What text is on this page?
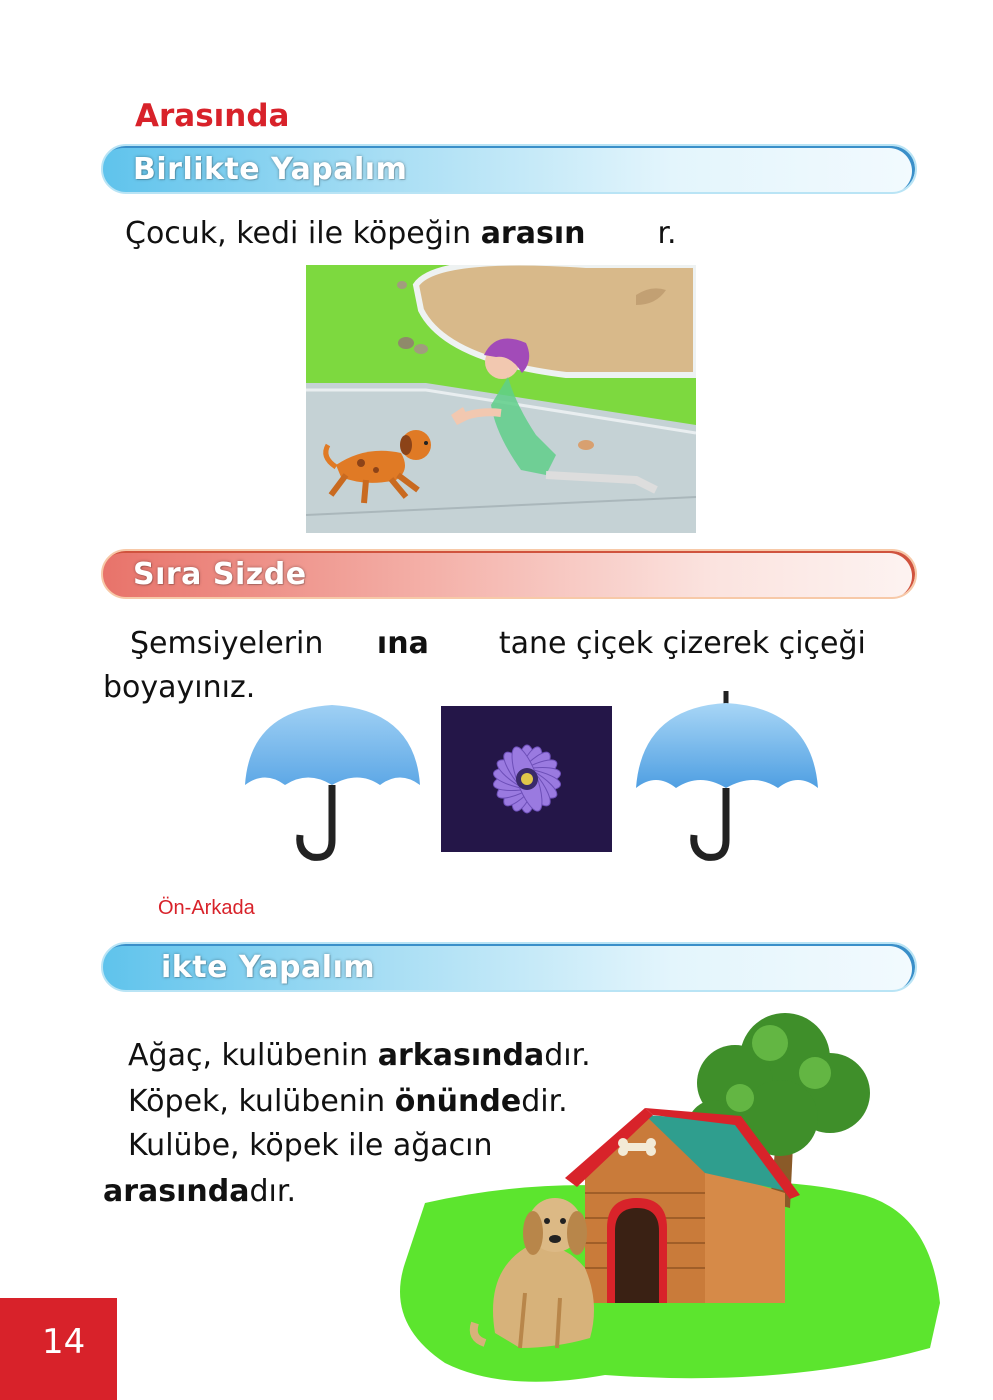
Arasında
Birlikte Yapalım
Çocuk, kedi ile köpeğin arasın r.
Sıra Sizde
Şemsiyelerin ına tane çiçek çizerek çiçeği
boyayınız.
Ön-Arkada
ikte Yapalım
Ağaç, kulübenin arkasındadır.
Köpek, kulübenin önündedir.
Kulübe, köpek ile ağacın
arasındadır.
14
